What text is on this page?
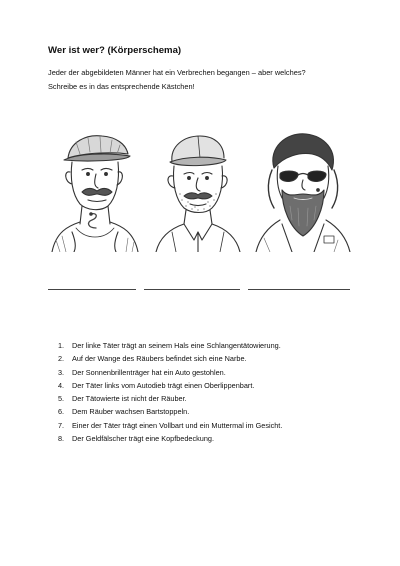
Wer ist wer? (Körperschema)
Jeder der abgebildeten Männer hat ein Verbrechen begangen – aber welches?
Schreibe es in das entsprechende Kästchen!
1. Der linke Täter trägt an seinem Hals eine Schlangentätowierung.
2. Auf der Wange des Räubers befindet sich eine Narbe.
3. Der Sonnenbrillenträger hat ein Auto gestohlen.
4. Der Täter links vom Autodieb trägt einen Oberlippenbart.
5. Der Tätowierte ist nicht der Räuber.
6. Dem Räuber wachsen Bartstoppeln.
7. Einer der Täter trägt einen Vollbart und ein Muttermal im Gesicht.
8. Der Geldfälscher trägt eine Kopfbedeckung.
